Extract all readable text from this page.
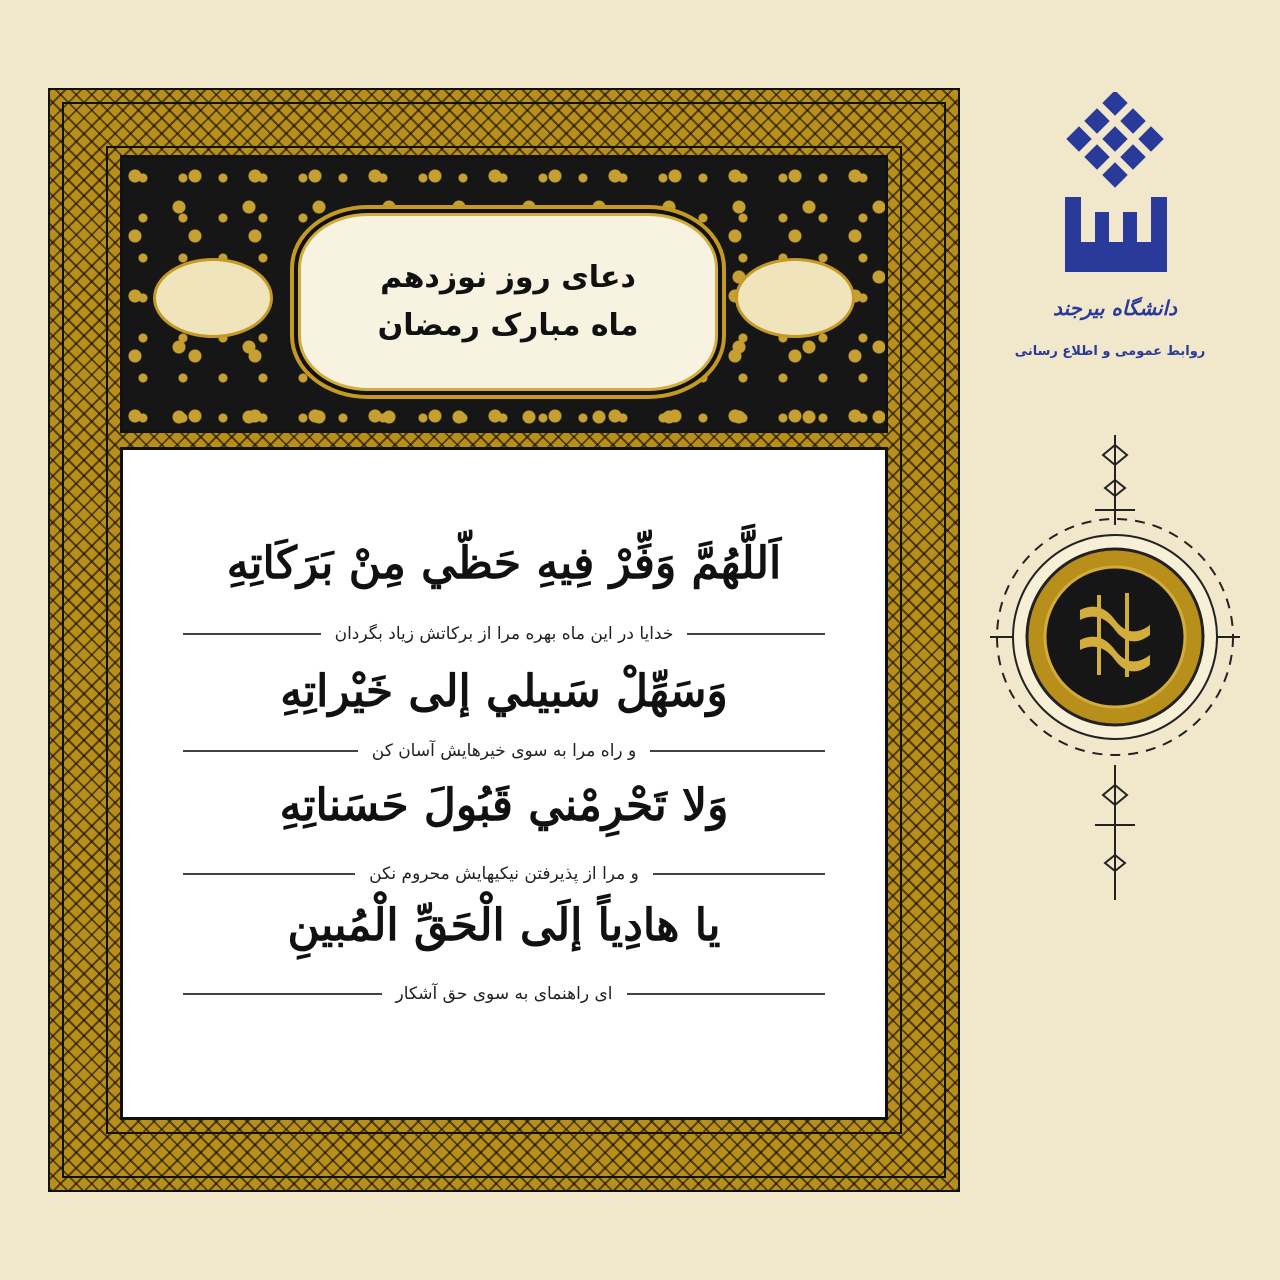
دعای روز نوزدهم
ماه مبارک رمضان
اَللَّهُمَّ وَفِّرْ فِيهِ حَظّي مِنْ بَرَكَاتِهِ
خدایا در این ماه بهره مرا از برکاتش زیاد بگردان
وَسَهِّلْ سَبيلي إلى خَيْراتِهِ
و راه مرا به سوی خیرهایش آسان کن
وَلا تَحْرِمْني قَبُولَ حَسَناتِهِ
و مرا از پذیرفتن نیکیهایش محروم نکن
يا هادِياً إلَى الْحَقِّ الْمُبينِ
ای راهنمای به سوی حق آشکار
دانشگاه بیرجند
روابط عمومی و اطلاع رسانی
